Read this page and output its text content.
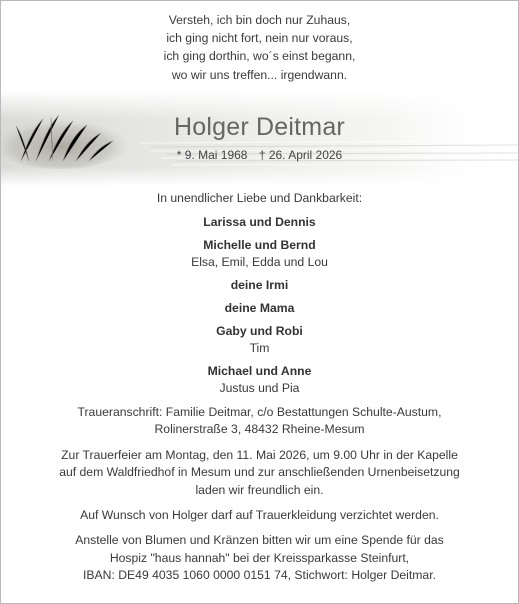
Versteh, ich bin doch nur Zuhaus,
ich ging nicht fort, nein nur voraus,
ich ging dorthin, wo´s einst begann,
wo wir uns treffen... irgendwann.
Holger Deitmar
* 9. Mai 1968 † 26. April 2026
In unendlicher Liebe und Dankbarkeit:
Larissa und Dennis
Michelle und Bernd
Elsa, Emil, Edda und Lou
deine Irmi
deine Mama
Gaby und Robi
Tim
Michael und Anne
Justus und Pia
Traueranschrift: Familie Deitmar, c/o Bestattungen Schulte-Austum,
Rolinerstraße 3, 48432 Rheine-Mesum
Zur Trauerfeier am Montag, den 11. Mai 2026, um 9.00 Uhr in der Kapelle
auf dem Waldfriedhof in Mesum und zur anschließenden Urnenbeisetzung
laden wir freundlich ein.
Auf Wunsch von Holger darf auf Trauerkleidung verzichtet werden.
Anstelle von Blumen und Kränzen bitten wir um eine Spende für das
Hospiz "haus hannah" bei der Kreissparkasse Steinfurt,
IBAN: DE49 4035 1060 0000 0151 74, Stichwort: Holger Deitmar.
